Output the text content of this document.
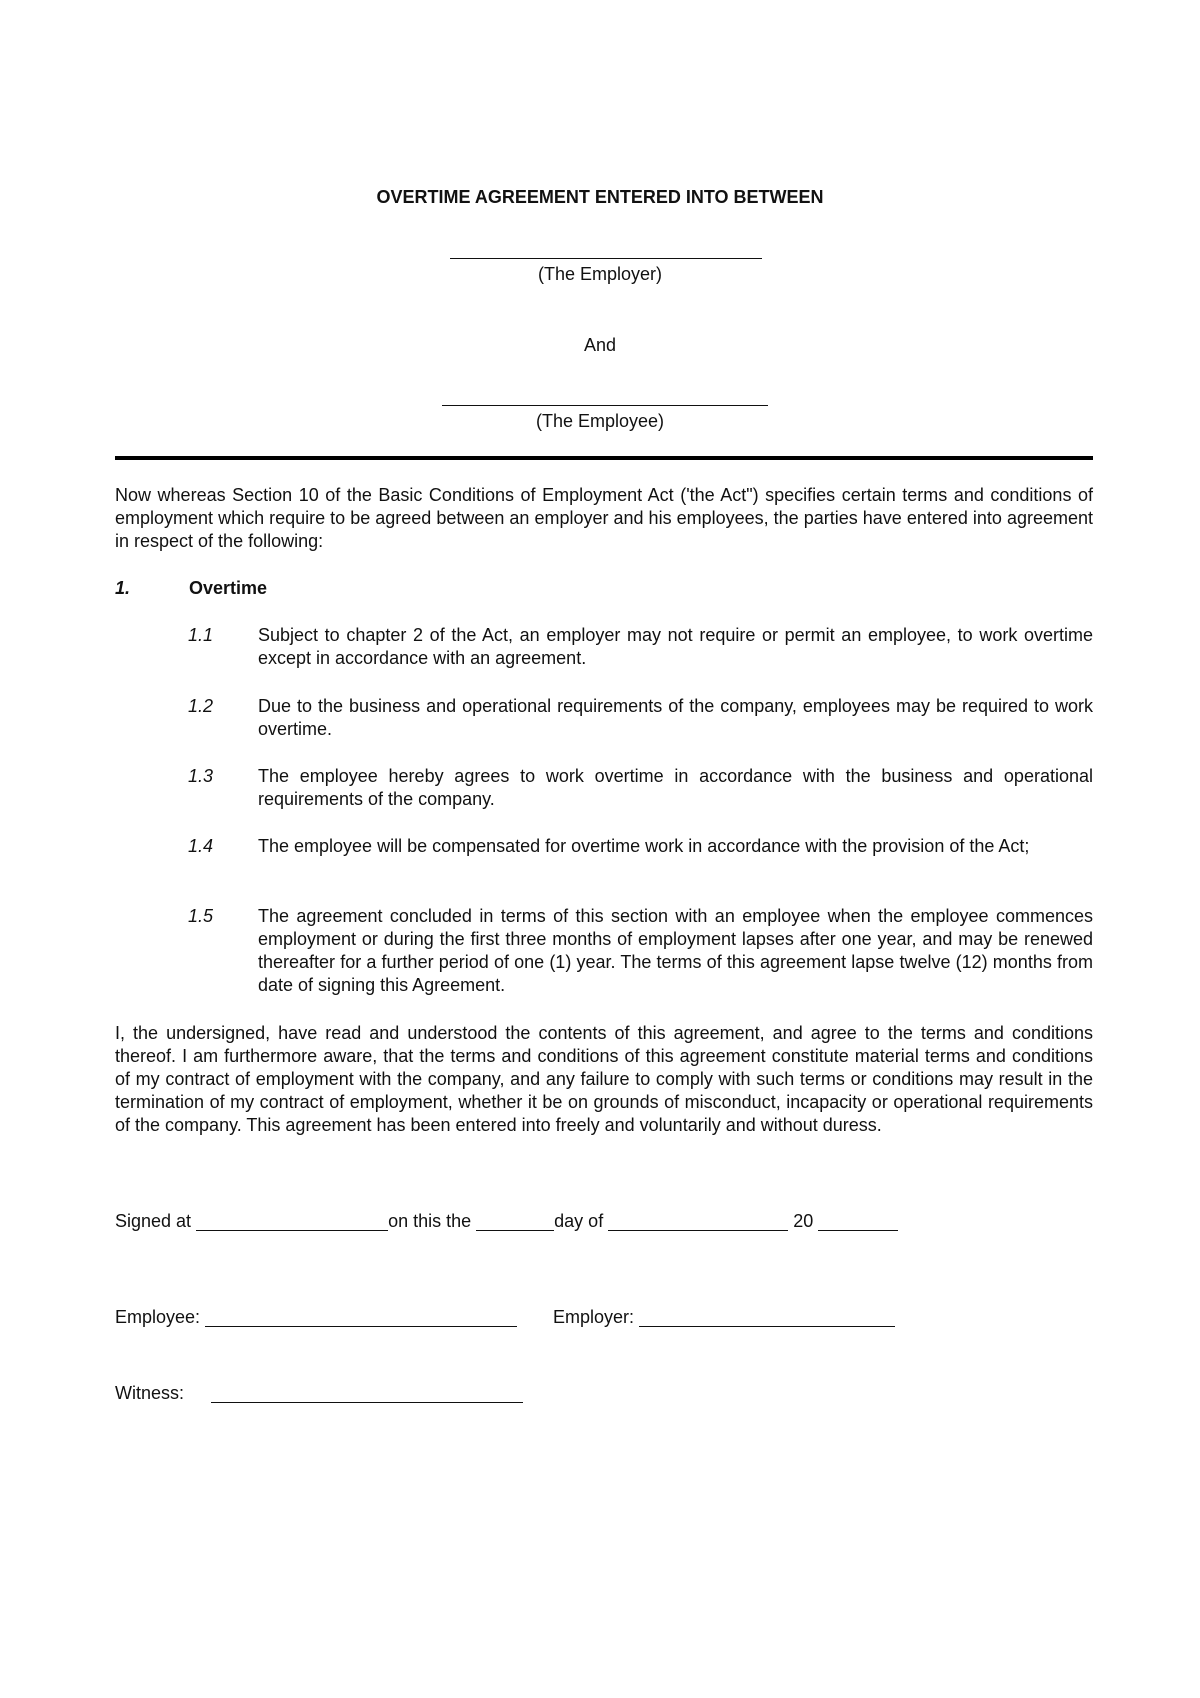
OVERTIME AGREEMENT ENTERED INTO BETWEEN
(The Employer)
And
(The Employee)

Now whereas Section 10 of the Basic Conditions of Employment Act ('the Act") specifies certain terms and conditions of employment which require to be agreed between an employer and his employees, the parties have entered into agreement in respect of the following:

1.	Overtime
1.1 Subject to chapter 2 of the Act, an employer may not require or permit an employee, to work overtime except in accordance with an agreement.
1.2 Due to the business and operational requirements of the company, employees may be required to work overtime.
1.3 The employee hereby agrees to work overtime in accordance with the business and operational requirements of the company.
1.4 The employee will be compensated for overtime work in accordance with the provision of the Act;
1.5 The agreement concluded in terms of this section with an employee when the employee commences employment or during the first three months of employment lapses after one year, and may be renewed thereafter for a further period of one (1) year. The terms of this agreement lapse twelve (12) months from date of signing this Agreement.

I, the undersigned, have read and understood the contents of this agreement, and agree to the terms and conditions thereof. I am furthermore aware, that the terms and conditions of this agreement constitute material terms and conditions of my contract of employment with the company, and any failure to comply with such terms or conditions may result in the termination of my contract of employment, whether it be on grounds of misconduct, incapacity or operational requirements of the company. This agreement has been entered into freely and voluntarily and without duress.

Signed at	on this the	day of	20
Employee:	Employer:
Witness:
